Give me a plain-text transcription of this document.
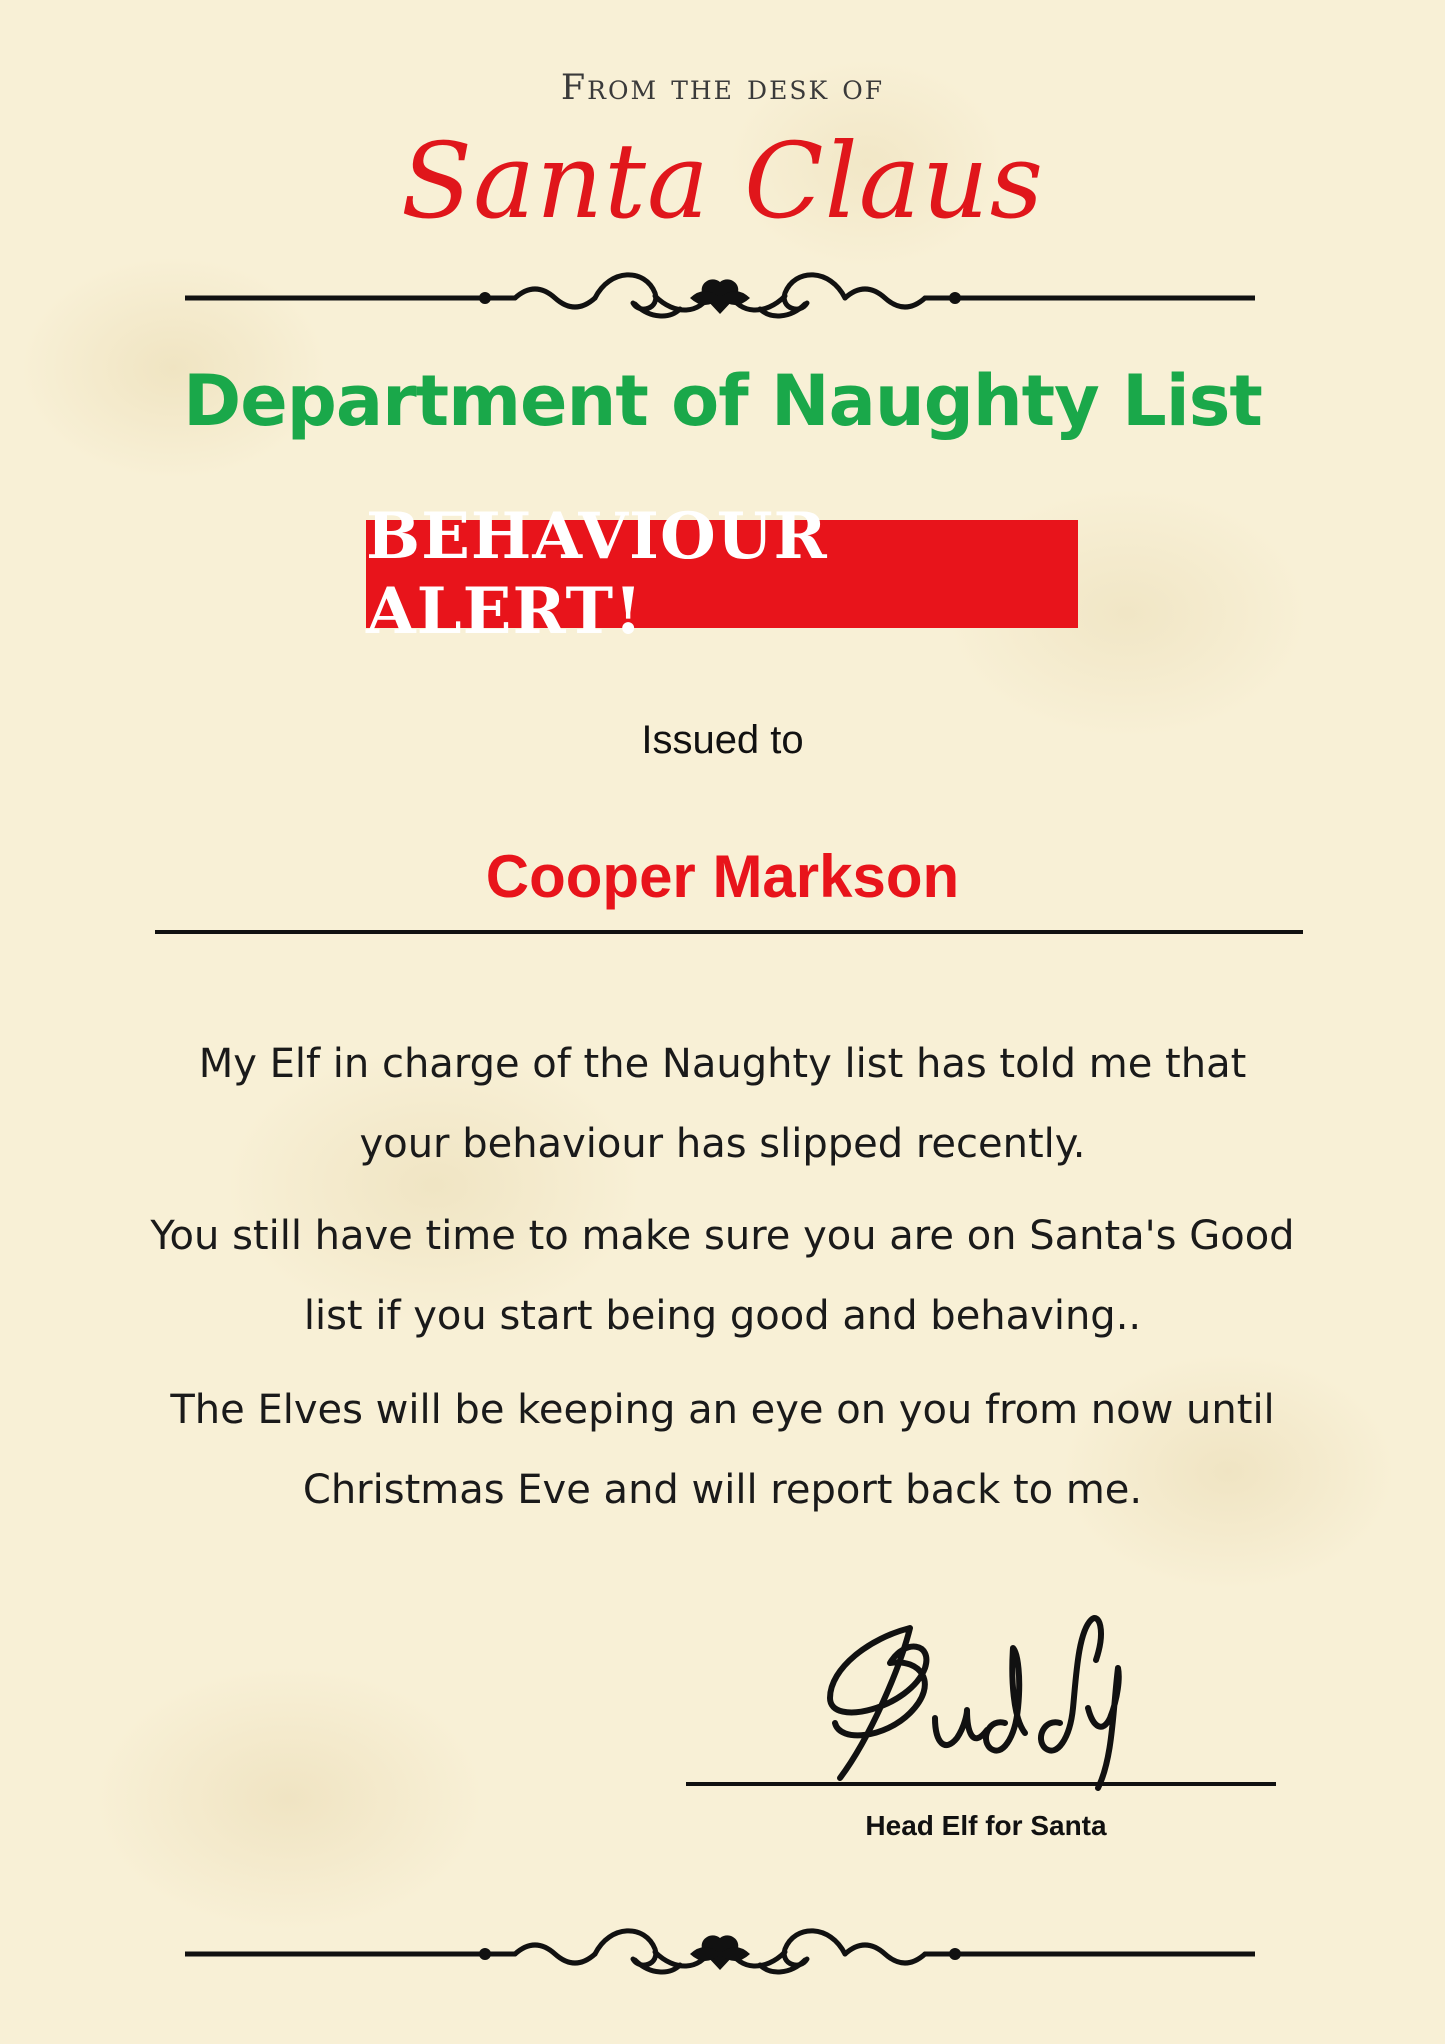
From the desk of
Santa Claus
Department of Naughty List
BEHAVIOUR ALERT!
Issued to
Cooper Markson
My Elf in charge of the Naughty list has told me that your behaviour has slipped recently.
You still have time to make sure you are on Santa's Good list if you start being good and behaving..
The Elves will be keeping an eye on you from now until Christmas Eve and will report back to me.
Head Elf for Santa
